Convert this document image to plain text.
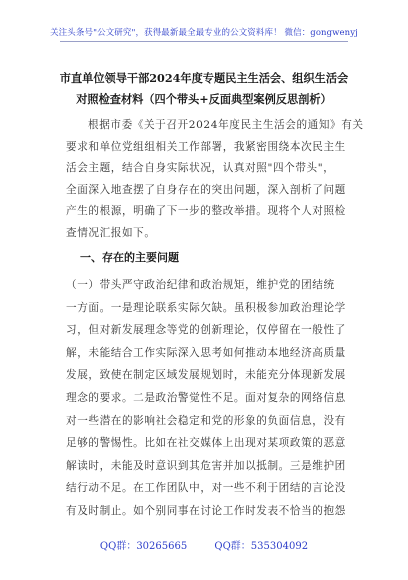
关注头条号"公文研究"，获得最新最全最专业的公文资料库！ 微信：gongwenyj
市直单位领导干部2024年度专题民主生活会、组织生活会
对照检查材料（四个带头+反面典型案例反思剖析）
根据市委《关于召开2024年度民主生活会的通知》有关
要求和单位党组组相关工作部署，我紧密围绕本次民主生
活会主题，结合自身实际状况，认真对照"四个带头"，
全面深入地查摆了自身存在的突出问题，深入剖析了问题
产生的根源，明确了下一步的整改举措。现将个人对照检
查情况汇报如下。
一、存在的主要问题
（一）带头严守政治纪律和政治规矩，维护党的团结统
一方面。一是理论联系实际欠缺。虽积极参加政治理论学
习，但对新发展理念等党的创新理论，仅停留在一般性了
解，未能结合工作实际深入思考如何推动本地经济高质量
发展，致使在制定区域发展规划时，未能充分体现新发展
理念的要求。二是政治警觉性不足。面对复杂的网络信息
对一些潜在的影响社会稳定和党的形象的负面信息，没有
足够的警惕性。比如在社交媒体上出现对某项政策的恶意
解读时，未能及时意识到其危害并加以抵制。三是维护团
结行动不足。在工作团队中，对一些不利于团结的言论没
有及时制止。如个别同事在讨论工作时发表不恰当的抱怨
QQ群：30265665	QQ群：535304092
